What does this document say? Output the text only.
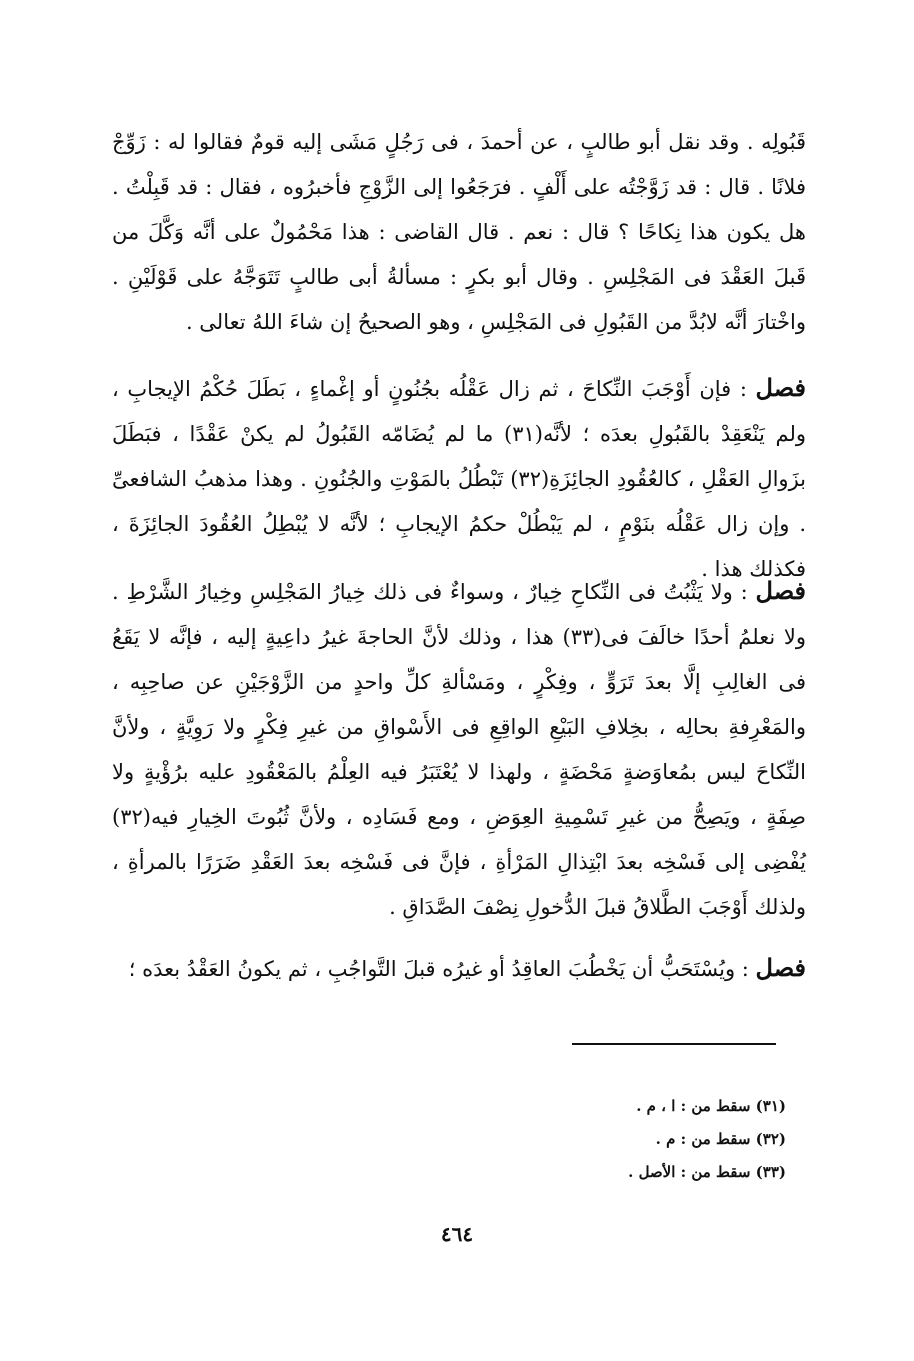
قَبُولِه . وقد نقل أبو طالبٍ ، عن أحمدَ ، فى رَجُلٍ مَشَى إليه قومٌ فقالوا له : زَوِّجْ فلانًا . قال : قد زَوَّجْتُه على أَلْفٍ . فرَجَعُوا إلى الزَّوْجِ فأخبرُوه ، فقال : قد قَبِلْتُ . هل يكون هذا نِكاحًا ؟ قال : نعم . قال القاضى : هذا مَحْمُولٌ على أنَّه وَكَّلَ من قَبلَ العَقْدَ فى المَجْلِسِ . وقال أبو بكرٍ : مسألةُ أبى طالبٍ تَتَوَجَّهُ على قَوْلَيْنِ . واخْتارَ أنَّه لابُدَّ من القَبُولِ فى المَجْلِسِ ، وهو الصحيحُ إن شاءَ اللهُ تعالى .
فصل : فإن أَوْجَبَ النِّكاحَ ، ثم زال عَقْلُه بجُنُونٍ أو إغْماءٍ ، بَطَلَ حُكْمُ الإيجابِ ، ولم يَنْعَقِدْ بالقَبُولِ بعدَه ؛ لأنَّه(٣١) ما لم يُضَامّه القَبُولُ لم يكنْ عَقْدًا ، فبَطَلَ بزَوالِ العَقْلِ ، كالعُقُودِ الجائِزَةِ(٣٢) تَبْطُلُ بالمَوْتِ والجُنُونِ . وهذا مذهبُ الشافعىِّ . وإن زال عَقْلُه بنَوْمٍ ، لم يَبْطُلْ حكمُ الإيجابِ ؛ لأنَّه لا يُبْطِلُ العُقُودَ الجائِزَةَ ، فكذلك هذا .
فصل : ولا يَثْبُتُ فى النِّكاحِ خِيارٌ ، وسواءٌ فى ذلك خِيارُ المَجْلِسِ وخِيارُ الشَّرْطِ . ولا نعلمُ أحدًا خالَفَ فى(٣٣) هذا ، وذلك لأنَّ الحاجةَ غيرُ داعِيةٍ إليه ، فإنَّه لا يَقَعُ فى الغالِبِ إلَّا بعدَ تَرَوٍّ ، وفِكْرٍ ، ومَسْألةِ كلِّ واحدٍ من الزَّوْجَيْنِ عن صاحِبِه ، والمَعْرِفةِ بحالِه ، بخِلافِ البَيْعِ الواقِعِ فى الأَسْواقِ من غيرِ فِكْرٍ ولا رَوِيَّةٍ ، ولأنَّ النِّكاحَ ليس بمُعاوَضةٍ مَحْضَةٍ ، ولهذا لا يُعْتَبَرُ فيه العِلْمُ بالمَعْقُودِ عليه برُؤْيةٍ ولا صِفَةٍ ، ويَصِحُّ من غيرِ تَسْمِيةِ العِوَضِ ، ومع فَسَادِه ، ولأنَّ ثُبُوتَ الخِيارِ فيه(٣٢) يُفْضِى إلى فَسْخِه بعدَ ابْتِذالِ المَرْأةِ ، فإنَّ فى فَسْخِه بعدَ العَقْدِ ضَرَرًا بالمرأةِ ، ولذلك أَوْجَبَ الطَّلاقُ قبلَ الدُّخولِ نِصْفَ الصَّدَاقِ .
فصل : ويُسْتَحَبُّ أن يَخْطُبَ العاقِدُ أو غيرُه قبلَ التَّواجُبِ ، ثم يكونُ العَقْدُ بعدَه ؛
(٣١) سقط من : ا ، م .
(٣٢) سقط من : م .
(٣٣) سقط من : الأصل .
٤٦٤
